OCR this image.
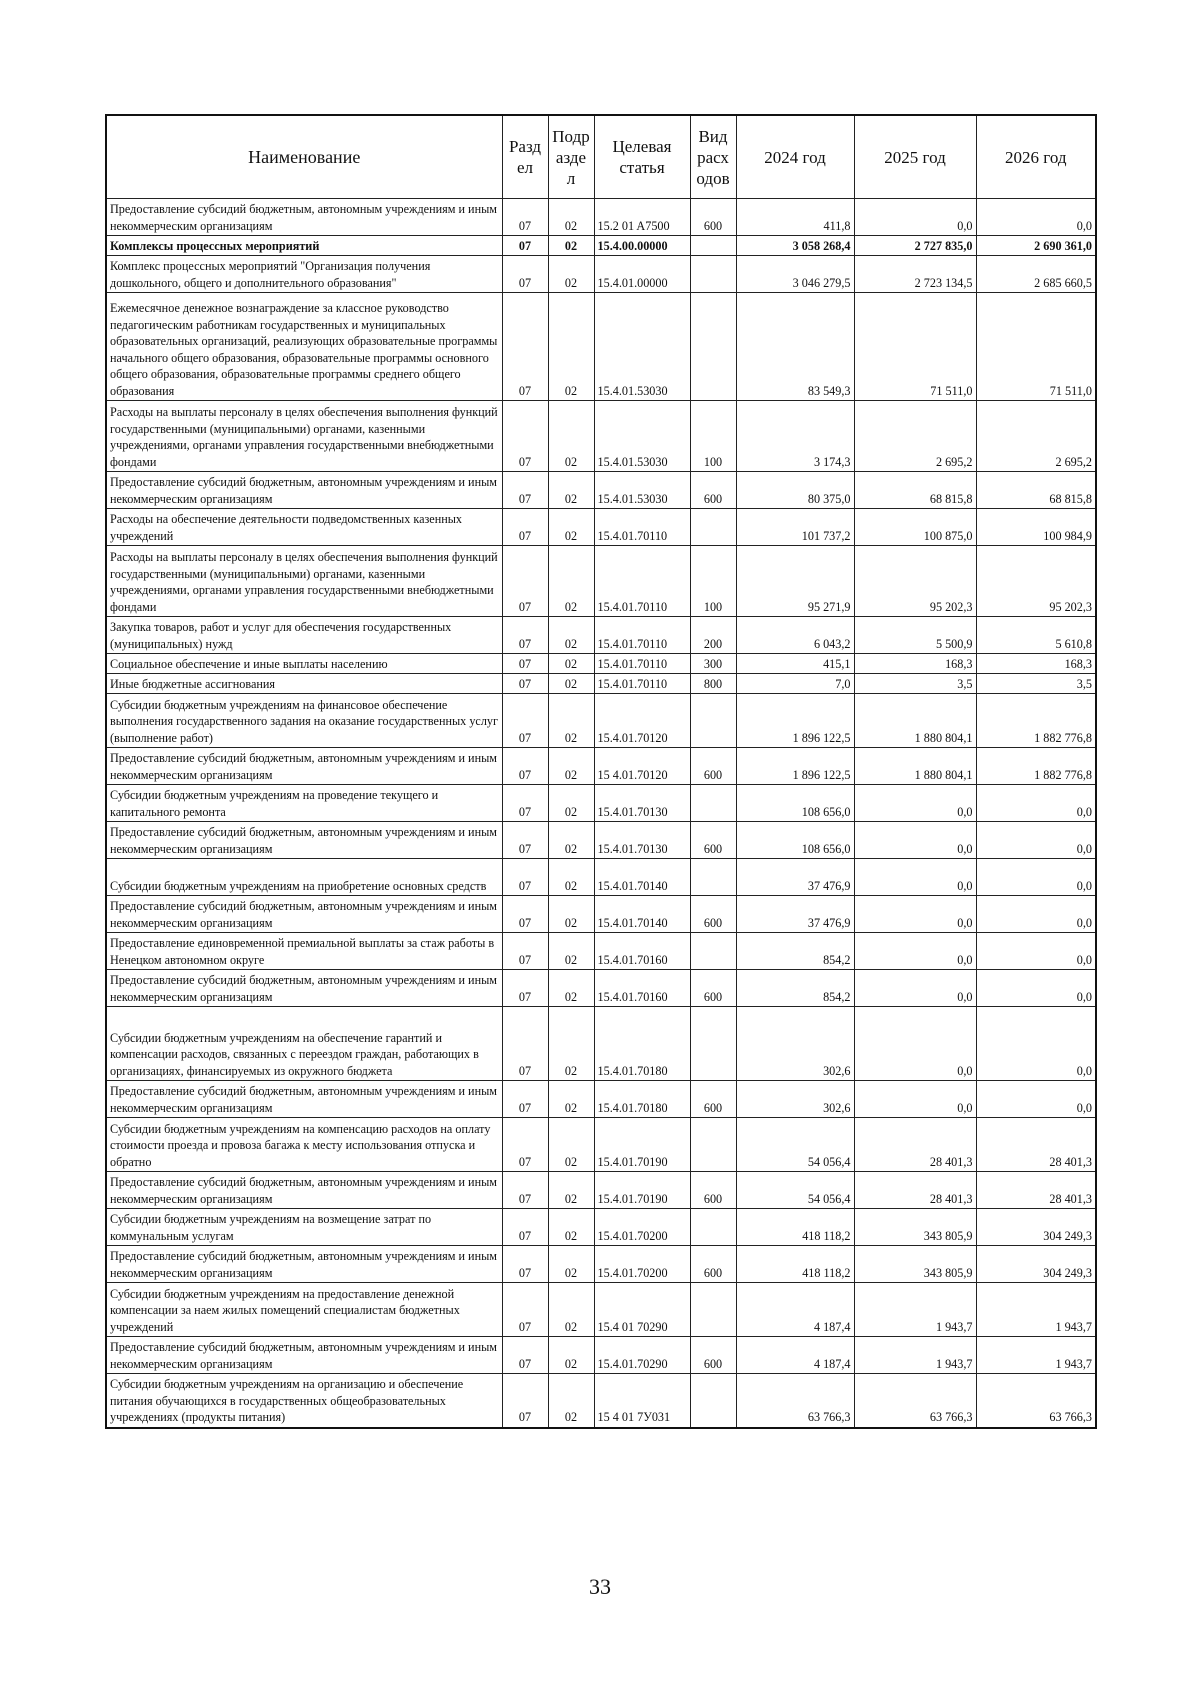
Наименование	Разд ел	Подр азде л	Целевая статья	Вид расх одов	2024 год	2025 год	2026 год
Предоставление субсидий бюджетным, автономным учреждениям и иным некоммерческим организациям	07	02	15.2 01 A7500	600	411,8	0,0	0,0
Комплексы процессных мероприятий	07	02	15.4.00.00000		3 058 268,4	2 727 835,0	2 690 361,0
Комплекс процессных мероприятий "Организация получения дошкольного, общего и дополнительного образования"	07	02	15.4.01.00000		3 046 279,5	2 723 134,5	2 685 660,5
Ежемесячное денежное вознаграждение за классное руководство педагогическим работникам государственных и муниципальных образовательных организаций, реализующих образовательные программы начального общего образования, образовательные программы основного общего образования, образовательные программы среднего общего образования	07	02	15.4.01.53030		83 549,3	71 511,0	71 511,0
Расходы на выплаты персоналу в целях обеспечения выполнения функций государственными (муниципальными) органами, казенными учреждениями, органами управления государственными внебюджетными фондами	07	02	15.4.01.53030	100	3 174,3	2 695,2	2 695,2
Предоставление субсидий бюджетным, автономным учреждениям и иным некоммерческим организациям	07	02	15.4.01.53030	600	80 375,0	68 815,8	68 815,8
Расходы на обеспечение деятельности подведомственных казенных учреждений	07	02	15.4.01.70110		101 737,2	100 875,0	100 984,9
Расходы на выплаты персоналу в целях обеспечения выполнения функций государственными (муниципальными) органами, казенными учреждениями, органами управления государственными внебюджетными фондами	07	02	15.4.01.70110	100	95 271,9	95 202,3	95 202,3
Закупка товаров, работ и услуг для обеспечения государственных (муниципальных) нужд	07	02	15.4.01.70110	200	6 043,2	5 500,9	5 610,8
Социальное обеспечение и иные выплаты населению	07	02	15.4.01.70110	300	415,1	168,3	168,3
Иные бюджетные ассигнования	07	02	15.4.01.70110	800	7,0	3,5	3,5
Субсидии бюджетным учреждениям на финансовое обеспечение выполнения государственного задания на оказание государственных услуг (выполнение работ)	07	02	15.4.01.70120		1 896 122,5	1 880 804,1	1 882 776,8
Предоставление субсидий бюджетным, автономным учреждениям и иным некоммерческим организациям	07	02	15 4.01.70120	600	1 896 122,5	1 880 804,1	1 882 776,8
Субсидии бюджетным учреждениям на проведение текущего и капитального ремонта	07	02	15.4.01.70130		108 656,0	0,0	0,0
Предоставление субсидий бюджетным, автономным учреждениям и иным некоммерческим организациям	07	02	15.4.01.70130	600	108 656,0	0,0	0,0
Субсидии бюджетным учреждениям на приобретение основных средств	07	02	15.4.01.70140		37 476,9	0,0	0,0
Предоставление субсидий бюджетным, автономным учреждениям и иным некоммерческим организациям	07	02	15.4.01.70140	600	37 476,9	0,0	0,0
Предоставление единовременной премиальной выплаты за стаж работы в Ненецком автономном округе	07	02	15.4.01.70160		854,2	0,0	0,0
Предоставление субсидий бюджетным, автономным учреждениям и иным некоммерческим организациям	07	02	15.4.01.70160	600	854,2	0,0	0,0
Субсидии бюджетным учреждениям на обеспечение гарантий и компенсации расходов, связанных с переездом граждан, работающих в организациях, финансируемых из окружного бюджета	07	02	15.4.01.70180		302,6	0,0	0,0
Предоставление субсидий бюджетным, автономным учреждениям и иным некоммерческим организациям	07	02	15.4.01.70180	600	302,6	0,0	0,0
Субсидии бюджетным учреждениям на компенсацию расходов на оплату стоимости проезда и провоза багажа к месту использования отпуска и обратно	07	02	15.4.01.70190		54 056,4	28 401,3	28 401,3
Предоставление субсидий бюджетным, автономным учреждениям и иным некоммерческим организациям	07	02	15.4.01.70190	600	54 056,4	28 401,3	28 401,3
Субсидии бюджетным учреждениям на возмещение затрат по коммунальным услугам	07	02	15.4.01.70200		418 118,2	343 805,9	304 249,3
Предоставление субсидий бюджетным, автономным учреждениям и иным некоммерческим организациям	07	02	15.4.01.70200	600	418 118,2	343 805,9	304 249,3
Субсидии бюджетным учреждениям на предоставление денежной компенсации за наем жилых помещений специалистам бюджетных учреждений	07	02	15.4 01 70290		4 187,4	1 943,7	1 943,7
Предоставление субсидий бюджетным, автономным учреждениям и иным некоммерческим организациям	07	02	15.4.01.70290	600	4 187,4	1 943,7	1 943,7
Субсидии бюджетным учреждениям на организацию и обеспечение питания обучающихся в государственных общеобразовательных учреждениях (продукты питания)	07	02	15 4 01 7У031		63 766,3	63 766,3	63 766,3
33
